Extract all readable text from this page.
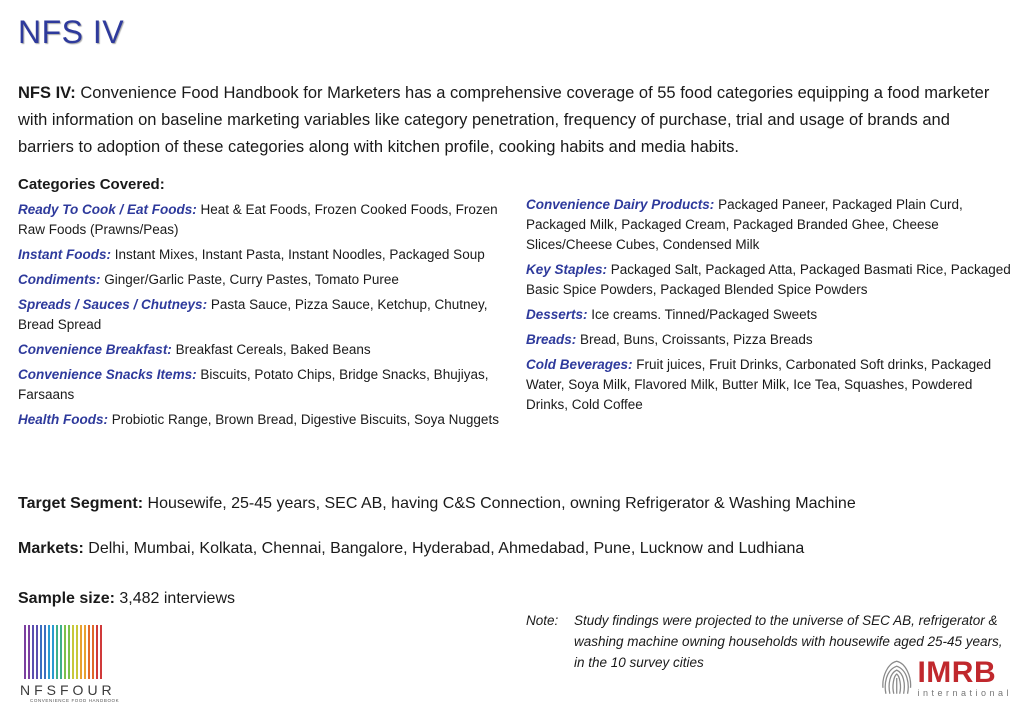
NFS IV

NFS IV: Convenience Food Handbook for Marketers has a comprehensive coverage of 55 food categories equipping a food marketer with information on baseline marketing variables like category penetration, frequency of purchase, trial and usage of brands and barriers to adoption of these categories along with kitchen profile, cooking habits and media habits.

Categories Covered:
Ready To Cook / Eat Foods: Heat & Eat Foods, Frozen Cooked Foods, Frozen Raw Foods (Prawns/Peas)
Instant Foods: Instant Mixes, Instant Pasta, Instant Noodles, Packaged Soup
Condiments: Ginger/Garlic Paste, Curry Pastes, Tomato Puree
Spreads / Sauces / Chutneys: Pasta Sauce, Pizza Sauce, Ketchup, Chutney, Bread Spread
Convenience Breakfast: Breakfast Cereals, Baked Beans
Convenience Snacks Items: Biscuits, Potato Chips, Bridge Snacks, Bhujiyas, Farsaans
Health Foods: Probiotic Range, Brown Bread, Digestive Biscuits, Soya Nuggets
Convenience Dairy Products: Packaged Paneer, Packaged Plain Curd, Packaged Milk, Packaged Cream, Packaged Branded Ghee, Cheese Slices/Cheese Cubes, Condensed Milk
Key Staples: Packaged Salt, Packaged Atta, Packaged Basmati Rice, Packaged Basic Spice Powders, Packaged Blended Spice Powders
Desserts: Ice creams. Tinned/Packaged Sweets
Breads: Bread, Buns, Croissants, Pizza Breads
Cold Beverages: Fruit juices, Fruit Drinks, Carbonated Soft drinks, Packaged Water, Soya Milk, Flavored Milk, Butter Milk, Ice Tea, Squashes, Powdered Drinks, Cold Coffee
Target Segment: Housewife, 25-45 years, SEC AB, having C&S Connection, owning Refrigerator & Washing Machine
Markets: Delhi, Mumbai, Kolkata, Chennai, Bangalore, Hyderabad, Ahmedabad, Pune, Lucknow and Ludhiana
Sample size: 3,482 interviews
Note:	Study findings were projected to the universe of SEC AB, refrigerator & washing machine owning households with housewife aged 25-45 years, in the 10 survey cities
NFSFOUR
CONVENIENCE FOOD HANDBOOK
IMRB
international
